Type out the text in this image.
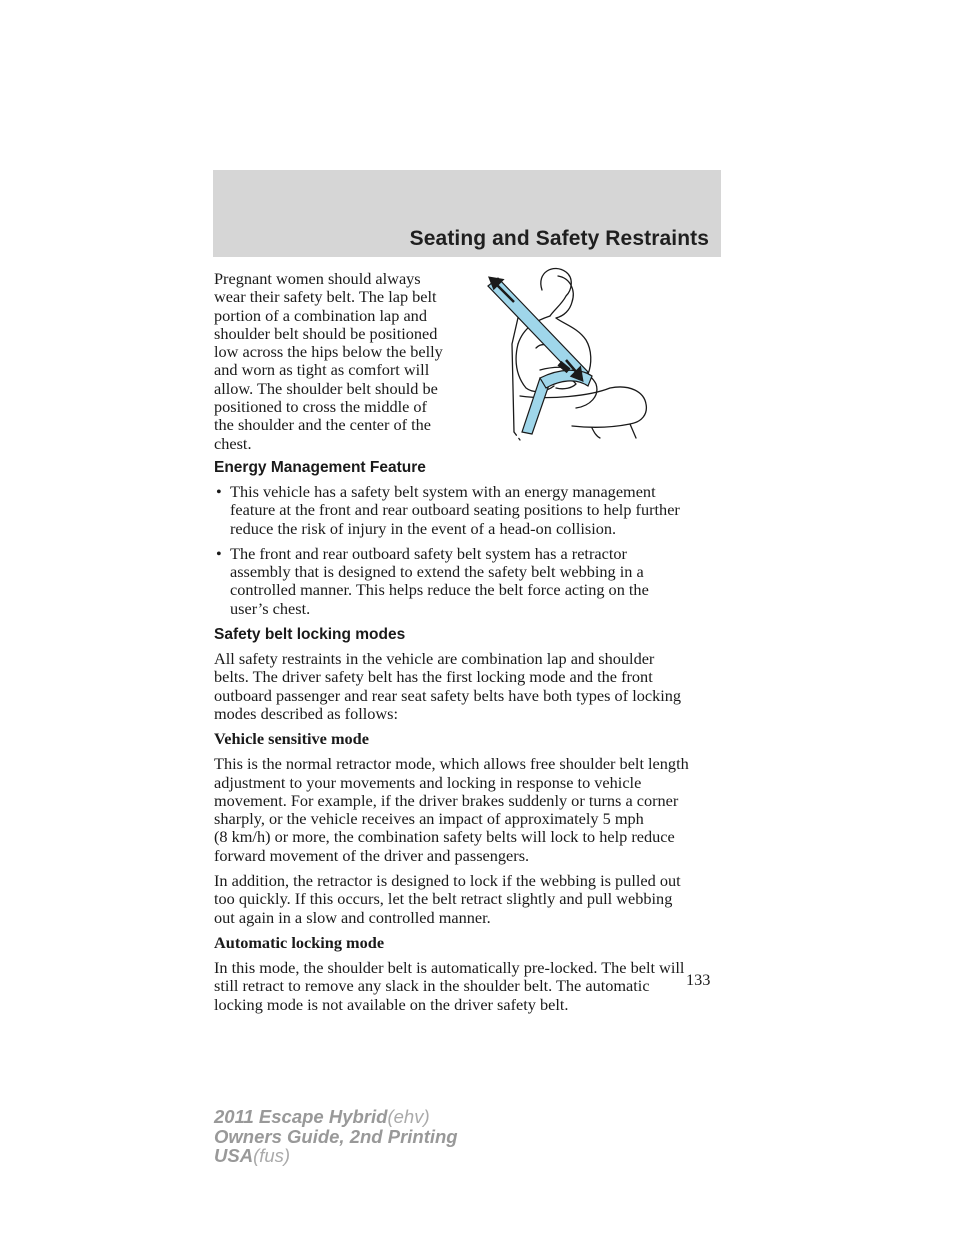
Seating and Safety Restraints
Pregnant women should always
wear their safety belt. The lap belt
portion of a combination lap and
shoulder belt should be positioned
low across the hips below the belly
and worn as tight as comfort will
allow. The shoulder belt should be
positioned to cross the middle of
the shoulder and the center of the
chest.
Energy Management Feature
• This vehicle has a safety belt system with an energy management
feature at the front and rear outboard seating positions to help further
reduce the risk of injury in the event of a head-on collision.
• The front and rear outboard safety belt system has a retractor
assembly that is designed to extend the safety belt webbing in a
controlled manner. This helps reduce the belt force acting on the
user’s chest.
Safety belt locking modes

All safety restraints in the vehicle are combination lap and shoulder
belts. The driver safety belt has the first locking mode and the front
outboard passenger and rear seat safety belts have both types of locking
modes described as follows:

Vehicle sensitive mode

This is the normal retractor mode, which allows free shoulder belt length
adjustment to your movements and locking in response to vehicle
movement. For example, if the driver brakes suddenly or turns a corner
sharply, or the vehicle receives an impact of approximately 5 mph
(8 km/h) or more, the combination safety belts will lock to help reduce
forward movement of the driver and passengers.

In addition, the retractor is designed to lock if the webbing is pulled out
too quickly. If this occurs, let the belt retract slightly and pull webbing
out again in a slow and controlled manner.

Automatic locking mode

In this mode, the shoulder belt is automatically pre-locked. The belt will
still retract to remove any slack in the shoulder belt. The automatic
locking mode is not available on the driver safety belt.

133
2011 Escape Hybrid(ehv)
Owners Guide, 2nd Printing
USA(fus)
